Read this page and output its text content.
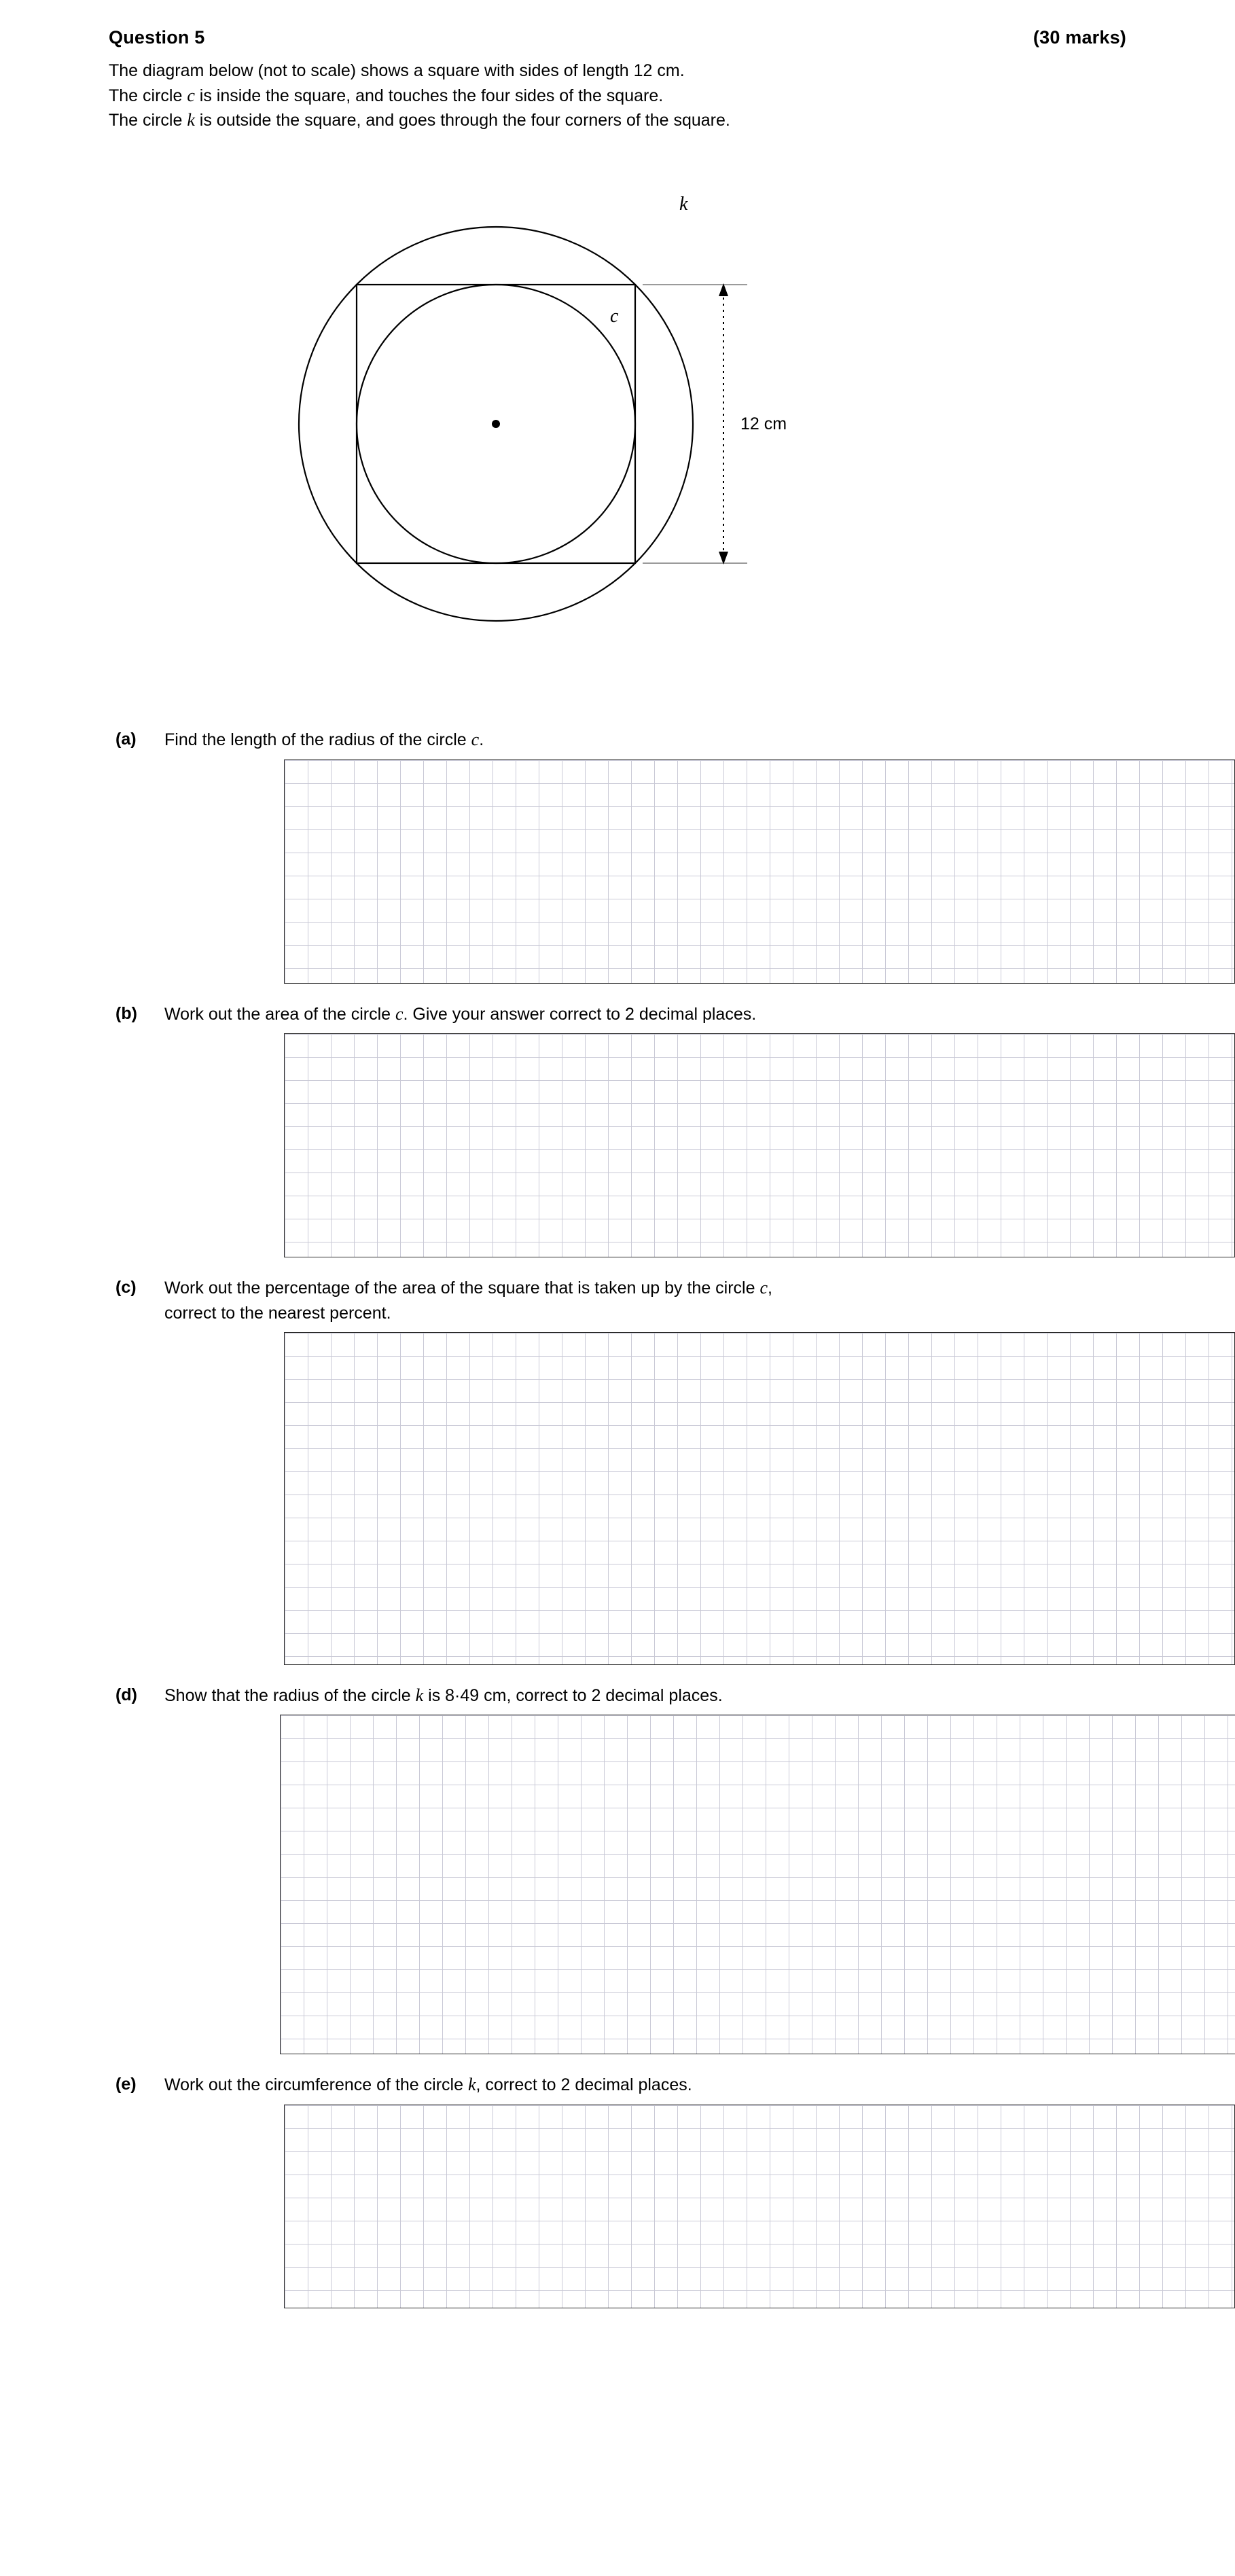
Question 5	(30 marks)
The diagram below (not to scale) shows a square with sides of length 12 cm.
The circle c is inside the square, and touches the four sides of the square.
The circle k is outside the square, and goes through the four corners of the square.
k
c
12 cm
(a)	Find the length of the radius of the circle c.
(b)	Work out the area of the circle c. Give your answer correct to 2 decimal places.
(c)	Work out the percentage of the area of the square that is taken up by the circle c,
correct to the nearest percent.
(d)	Show that the radius of the circle k is 8·49 cm, correct to 2 decimal places.
(e)	Work out the circumference of the circle k, correct to 2 decimal places.
